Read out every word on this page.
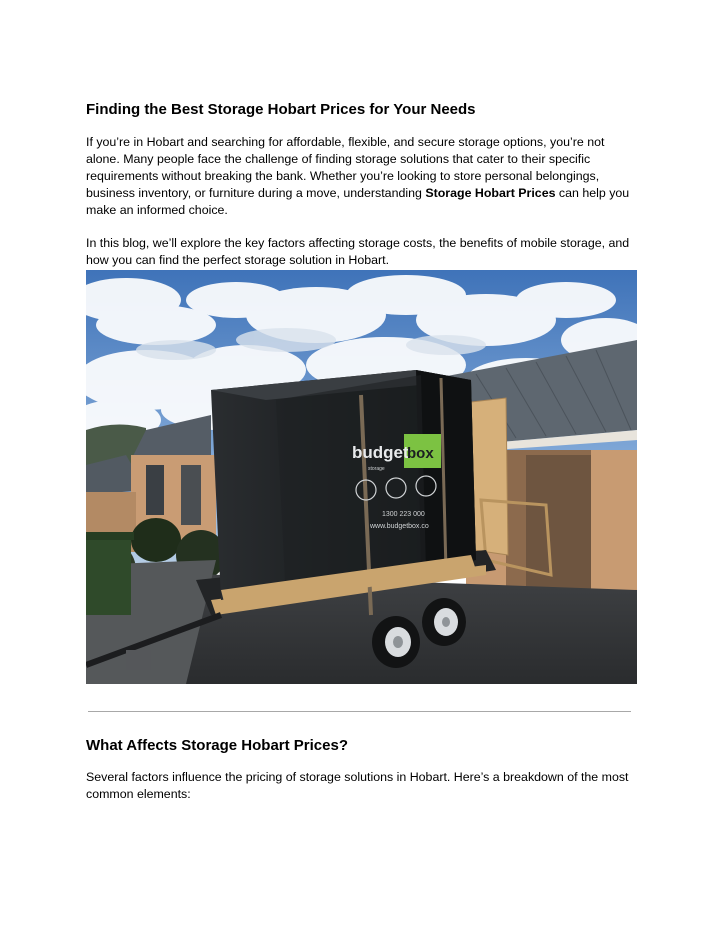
Finding the Best Storage Hobart Prices for Your Needs

If you’re in Hobart and searching for affordable, flexible, and secure storage options, you’re not alone. Many people face the challenge of finding storage solutions that cater to their specific requirements without breaking the bank. Whether you’re looking to store personal belongings, business inventory, or furniture during a move, understanding Storage Hobart Prices can help you make an informed choice.

In this blog, we’ll explore the key factors affecting storage costs, the benefits of mobile storage, and how you can find the perfect storage solution in Hobart.

budget
box
storage
1300 223 000
www.budgetbox.co
What Affects Storage Hobart Prices?

Several factors influence the pricing of storage solutions in Hobart. Here’s a breakdown of the most common elements:
